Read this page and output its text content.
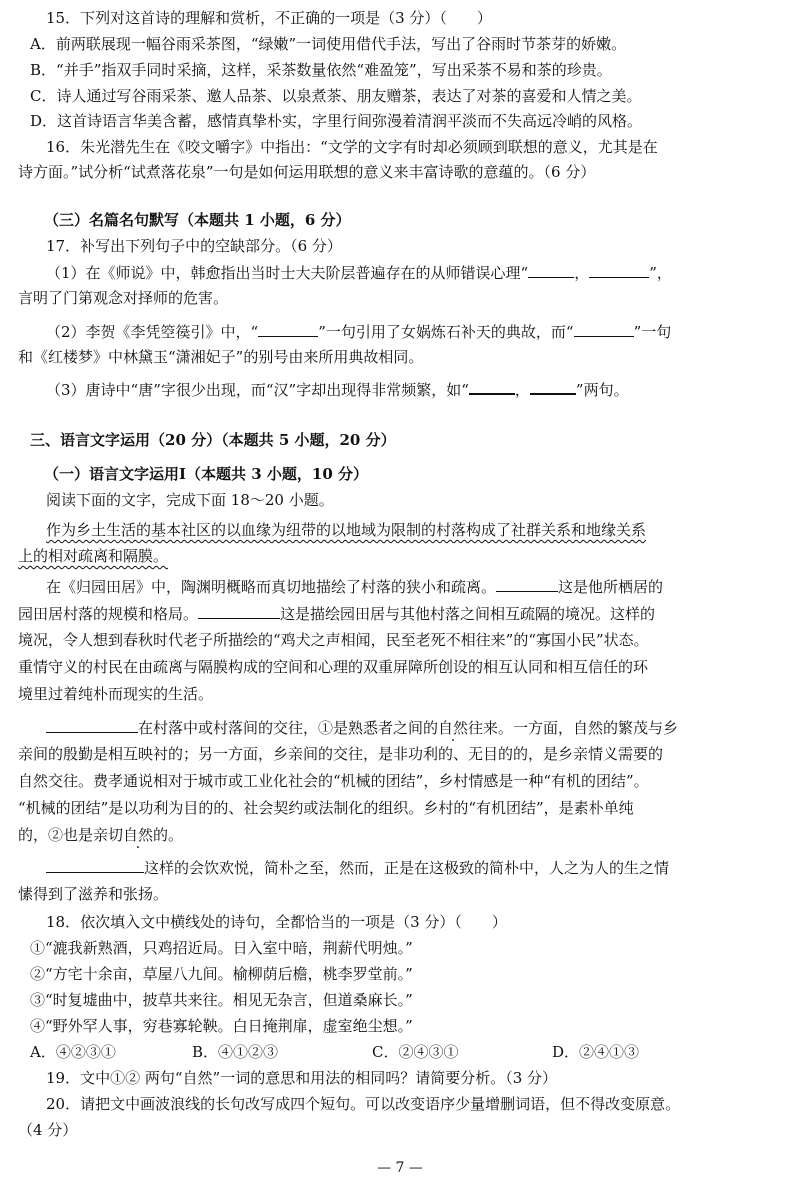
15．下列对这首诗的理解和赏析，不正确的一项是（3 分）（　　）
A．前两联展现一幅谷雨采茶图，“绿嫩”一词使用借代手法，写出了谷雨时节茶芽的娇嫩。
B．“并手”指双手同时采摘，这样，采茶数量依然“难盈笼”，写出采茶不易和茶的珍贵。
C．诗人通过写谷雨采茶、邀人品茶、以泉煮茶、朋友赠茶，表达了对茶的喜爱和人情之美。
D．这首诗语言华美含蓄，感情真挚朴实，字里行间弥漫着清润平淡而不失高远冷峭的风格。
16．朱光潜先生在《咬文嚼字》中指出：“文学的文字有时却必须顾到联想的意义，尤其是在
诗方面。”试分析“试煮落花泉”一句是如何运用联想的意义来丰富诗歌的意蕴的。（6 分）
（三）名篇名句默写（本题共 1 小题，6 分）
17．补写出下列句子中的空缺部分。（6 分）
（1）在《师说》中，韩愈指出当时士大夫阶层普遍存在的从师错误心理“	，	”，
言明了门第观念对择师的危害。
（2）李贺《李凭箜篌引》中，“	”一句引用了女娲炼石补天的典故，而“	”一句
和《红楼梦》中林黛玉“潇湘妃子”的别号由来所用典故相同。
（3）唐诗中“唐”字很少出现，而“汉”字却出现得非常频繁，如“	，	”两句。
三、语言文字运用（20 分）（本题共 5 小题，20 分）
（一）语言文字运用Ⅰ（本题共 3 小题，10 分）
阅读下面的文字，完成下面 18～20 小题。
作为乡土生活的基本社区的以血缘为纽带的以地域为限制的村落构成了社群关系和地缘关系
上的相对疏离和隔膜。
在《归园田居》中，陶渊明概略而真切地描绘了村落的狭小和疏离。	这是他所栖居的
园田居村落的规模和格局。	这是描绘园田居与其他村落之间相互疏隔的境况。这样的
境况，令人想到春秋时代老子所描绘的“鸡犬之声相闻，民至老死不相往来”的“寡国小民”状态。
重情守义的村民在由疏离与隔膜构成的空间和心理的双重屏障所创设的相互认同和相互信任的环
境里过着纯朴而现实的生活。
在村落中或村落间的交往，①是熟悉者之间的自然往来。一方面，自然的繁茂与乡
亲间的殷勤是相互映衬的；另一方面，乡亲间的交往，是非功利的、无目的的，是乡亲情义需要的
自然交往。费孝通说相对于城市或工业化社会的“机械的团结”，乡村情感是一种“有机的团结”。
“机械的团结”是以功利为目的的、社会契约或法制化的组织。乡村的“有机团结”，是素朴单纯
的，②也是亲切自然的。
这样的会饮欢悦，简朴之至，然而，正是在这极致的简朴中，人之为人的生之情
愫得到了滋养和张扬。
18．依次填入文中横线处的诗句，全都恰当的一项是（3 分）（　　）
①“漉我新熟酒，只鸡招近局。日入室中暗，荆薪代明烛。”
②“方宅十余亩，草屋八九间。榆柳荫后檐，桃李罗堂前。”
③“时复墟曲中，披草共来往。相见无杂言，但道桑麻长。”
④“野外罕人事，穷巷寡轮鞅。白日掩荆扉，虚室绝尘想。”
A．④②③①	B．④①②③	C．②④③①	D．②④①③
19．文中①② 两句“自然”一词的意思和用法的相同吗？请简要分析。（3 分）
20．请把文中画波浪线的长句改写成四个短句。可以改变语序少量增删词语，但不得改变原意。
（4 分）
— 7 —
